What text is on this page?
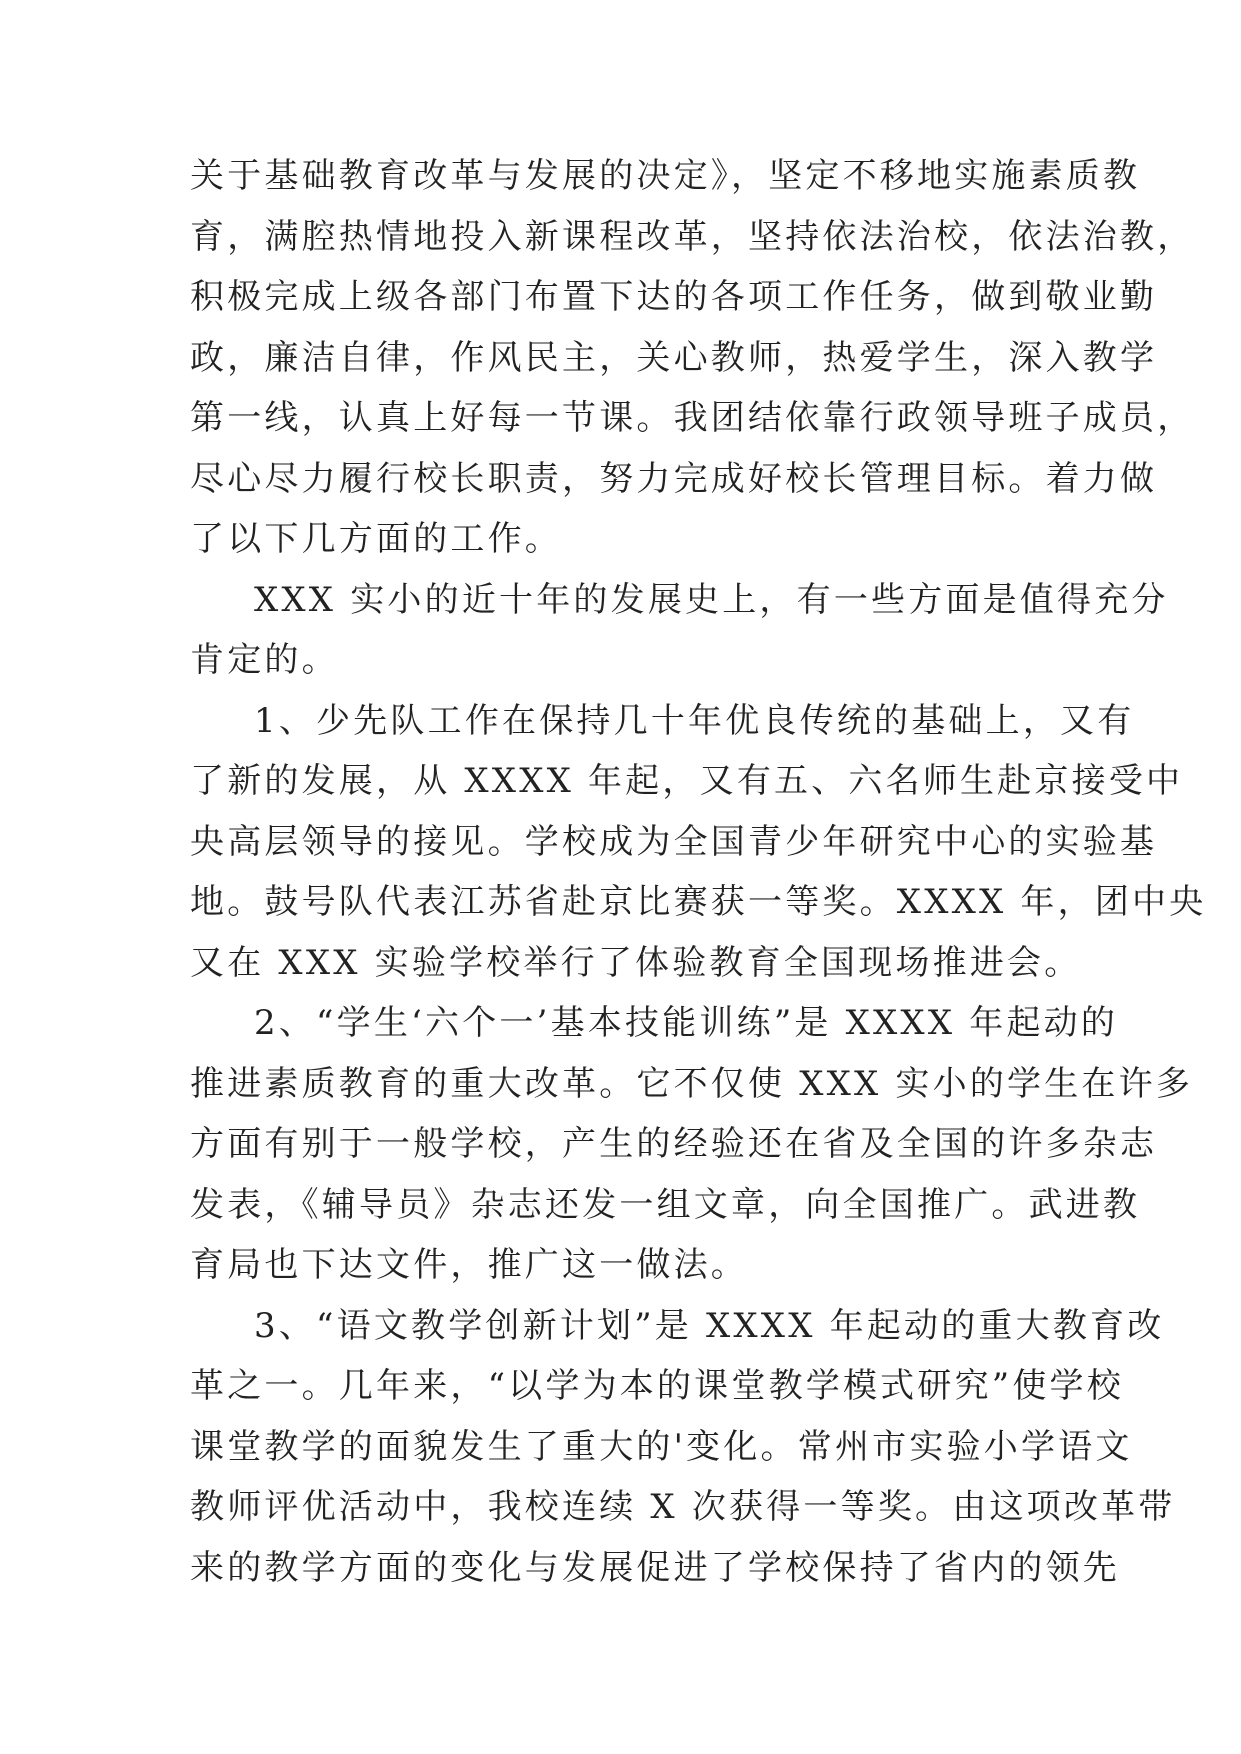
关于基础教育改革与发展的决定》，坚定不移地实施素质教
育，满腔热情地投入新课程改革，坚持依法治校，依法治教，
积极完成上级各部门布置下达的各项工作任务，做到敬业勤
政，廉洁自律，作风民主，关心教师，热爱学生，深入教学
第一线，认真上好每一节课。我团结依靠行政领导班子成员，
尽心尽力履行校长职责，努力完成好校长管理目标。着力做
了以下几方面的工作。
XXX 实小的近十年的发展史上，有一些方面是值得充分
肯定的。
1、少先队工作在保持几十年优良传统的基础上，又有
了新的发展，从 XXXX 年起，又有五、六名师生赴京接受中
央高层领导的接见。学校成为全国青少年研究中心的实验基
地。鼓号队代表江苏省赴京比赛获一等奖。XXXX 年，团中央
又在 XXX 实验学校举行了体验教育全国现场推进会。
2、“学生‘六个一’基本技能训练”是 XXXX 年起动的
推进素质教育的重大改革。它不仅使 XXX 实小的学生在许多
方面有别于一般学校，产生的经验还在省及全国的许多杂志
发表，《辅导员》杂志还发一组文章，向全国推广。武进教
育局也下达文件，推广这一做法。
3、“语文教学创新计划”是 XXXX 年起动的重大教育改
革之一。几年来，“以学为本的课堂教学模式研究”使学校
课堂教学的面貌发生了重大的'变化。常州市实验小学语文
教师评优活动中，我校连续 X 次获得一等奖。由这项改革带
来的教学方面的变化与发展促进了学校保持了省内的领先
